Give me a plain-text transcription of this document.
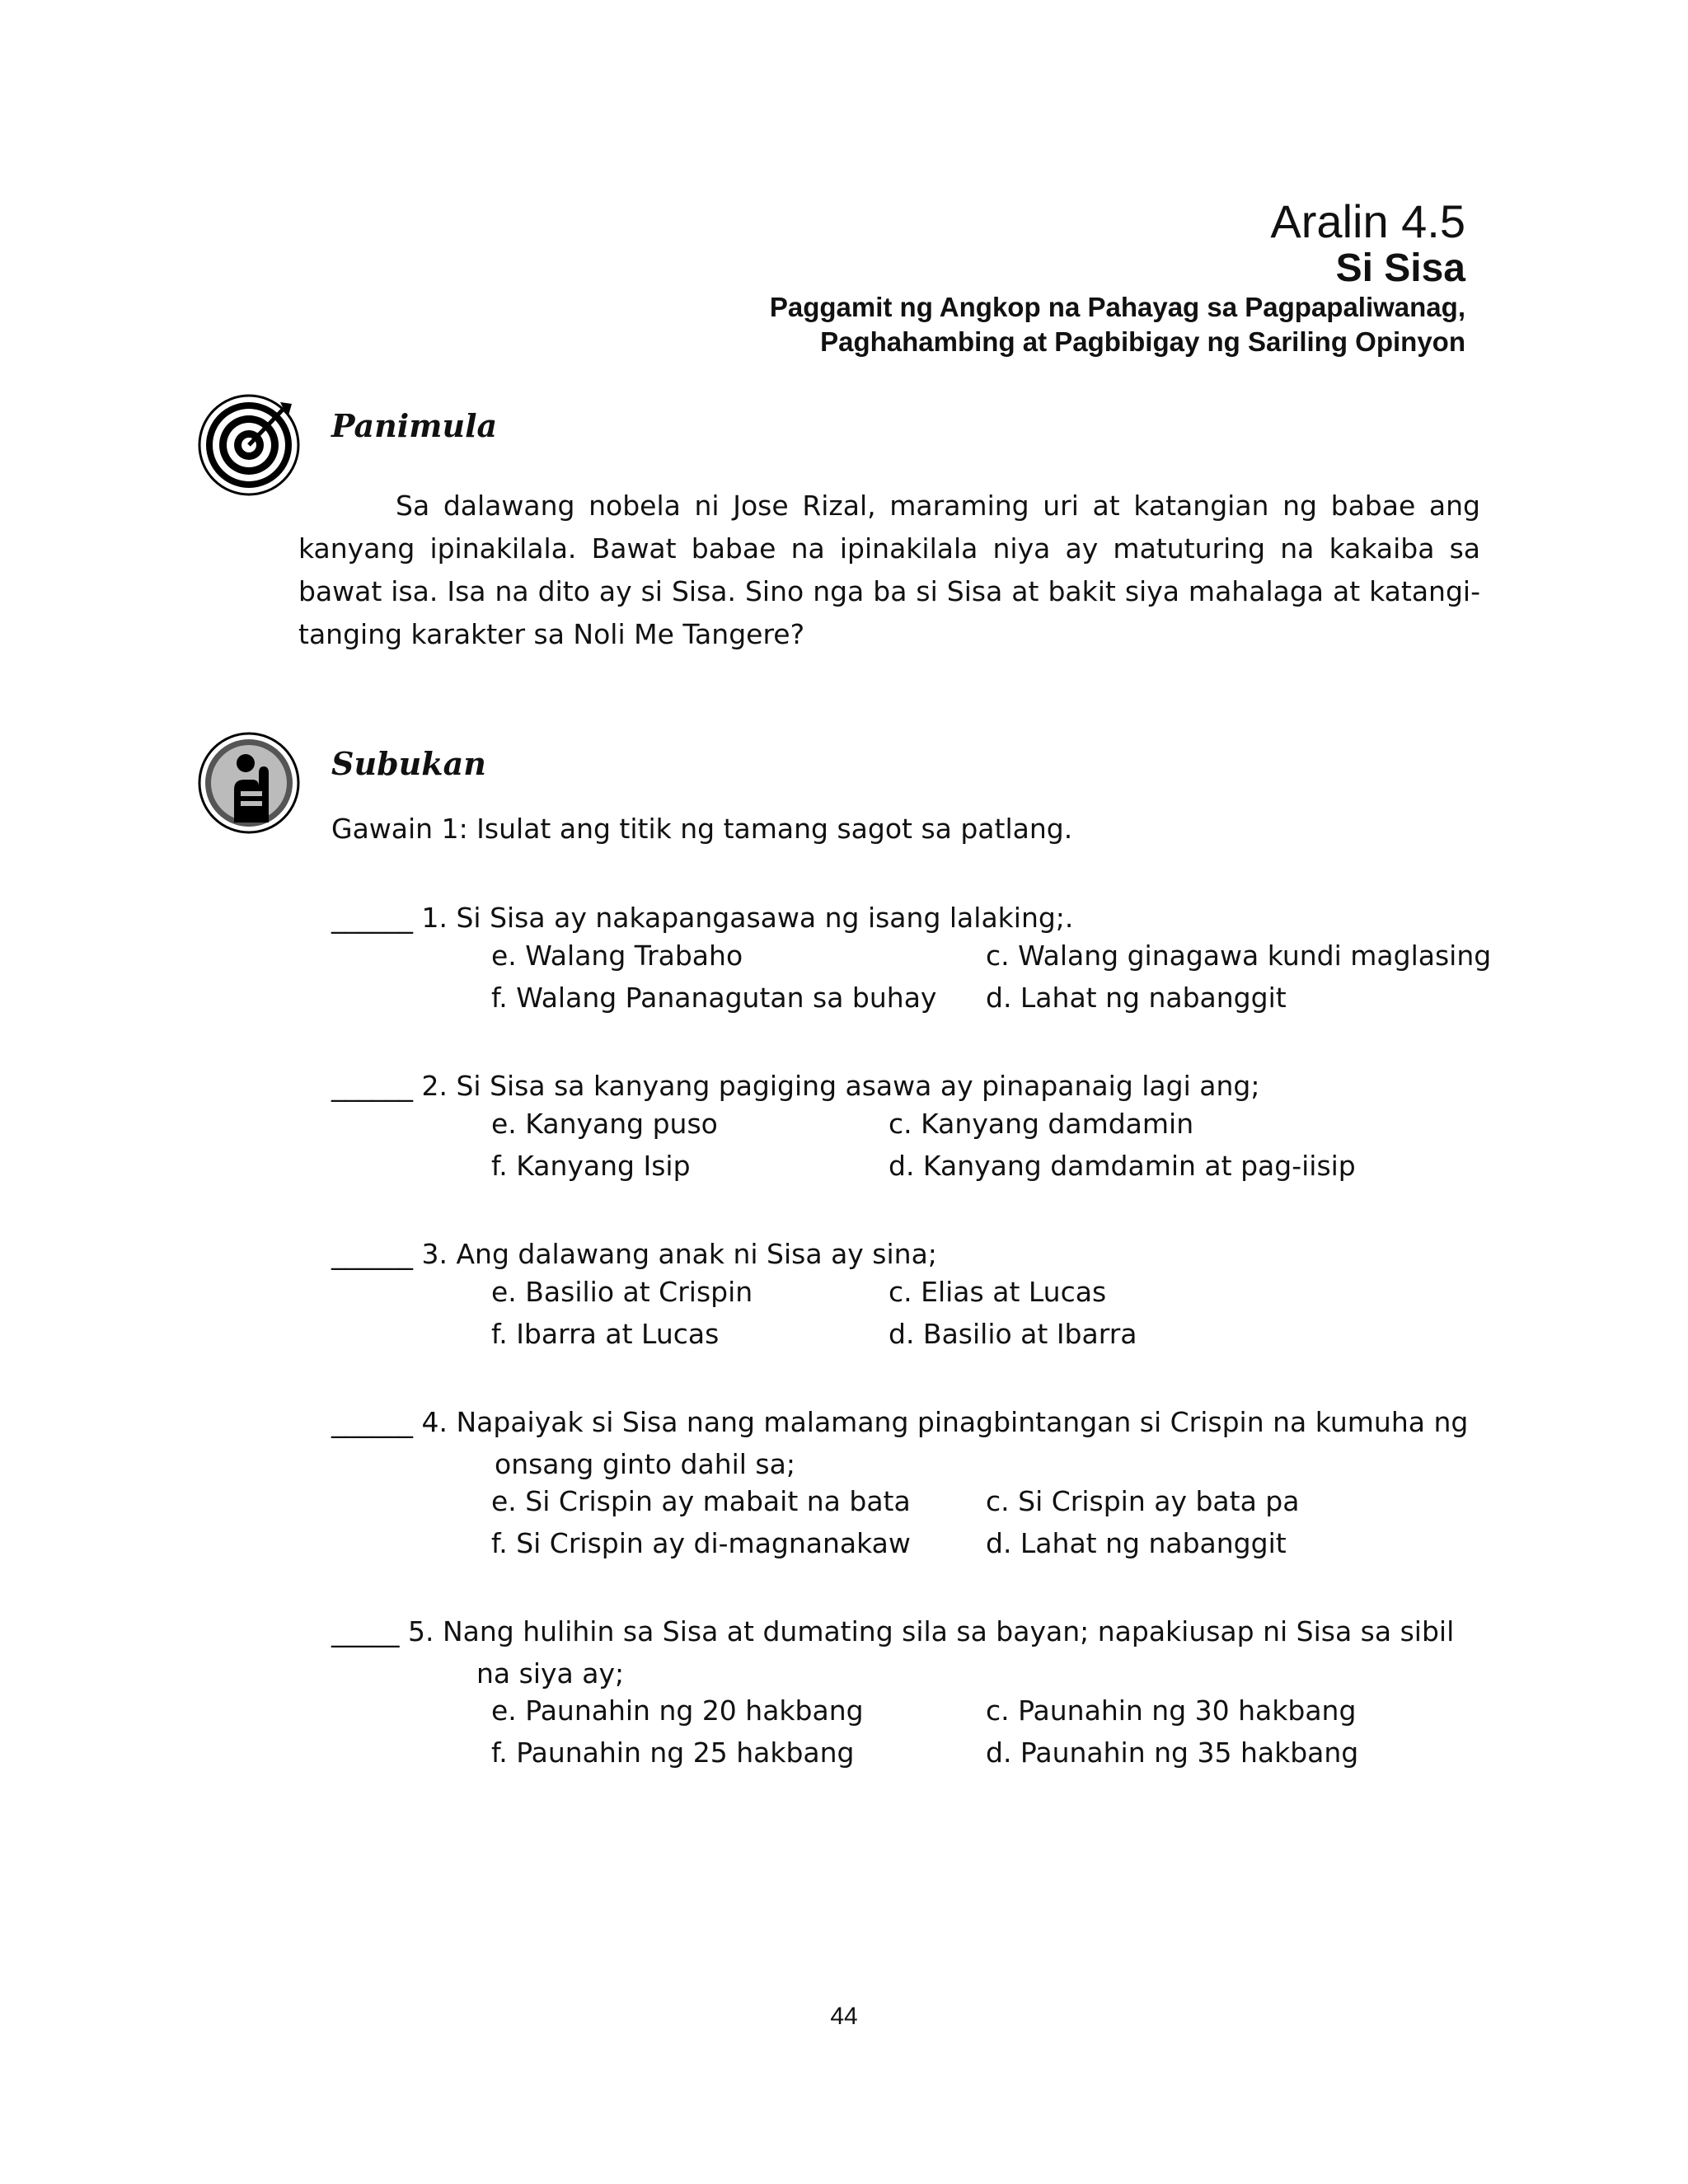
Aralin 4.5
Si Sisa
Paggamit ng Angkop na Pahayag sa Pagpapaliwanag,
Paghahambing at Pagbibigay ng Sariling Opinyon
Panimula

Sa dalawang nobela ni Jose Rizal, maraming uri at katangian ng babae ang kanyang ipinakilala. Bawat babae na ipinakilala niya ay matuturing na kakaiba sa bawat isa. Isa na dito ay si Sisa. Sino nga ba si Sisa at bakit siya mahalaga at katangi-tanging karakter sa Noli Me Tangere?

Subukan
Gawain 1: Isulat ang titik ng tamang sagot sa patlang.
______ 1. Si Sisa ay nakapangasawa ng isang lalaking;.
e. Walang Trabaho	c. Walang ginagawa kundi maglasing
f. Walang Pananagutan sa buhay d. Lahat ng nabanggit
______ 2. Si Sisa sa kanyang pagiging asawa ay pinapanaig lagi ang;
e. Kanyang puso	c. Kanyang damdamin
f. Kanyang Isip	d. Kanyang damdamin at pag-iisip
______ 3. Ang dalawang anak ni Sisa ay sina;
e. Basilio at Crispin	c. Elias at Lucas
f. Ibarra at Lucas	d. Basilio at Ibarra
______ 4. Napaiyak si Sisa nang malamang pinagbintangan si Crispin na kumuha ng
onsang ginto dahil sa;
e. Si Crispin ay mabait na bata	c. Si Crispin ay bata pa
f. Si Crispin ay di-magnanakaw	d. Lahat ng nabanggit
_____ 5. Nang hulihin sa Sisa at dumating sila sa bayan; napakiusap ni Sisa sa sibil
na siya ay;
e. Paunahin ng 20 hakbang	c. Paunahin ng 30 hakbang
f. Paunahin ng 25 hakbang	d. Paunahin ng 35 hakbang
44
